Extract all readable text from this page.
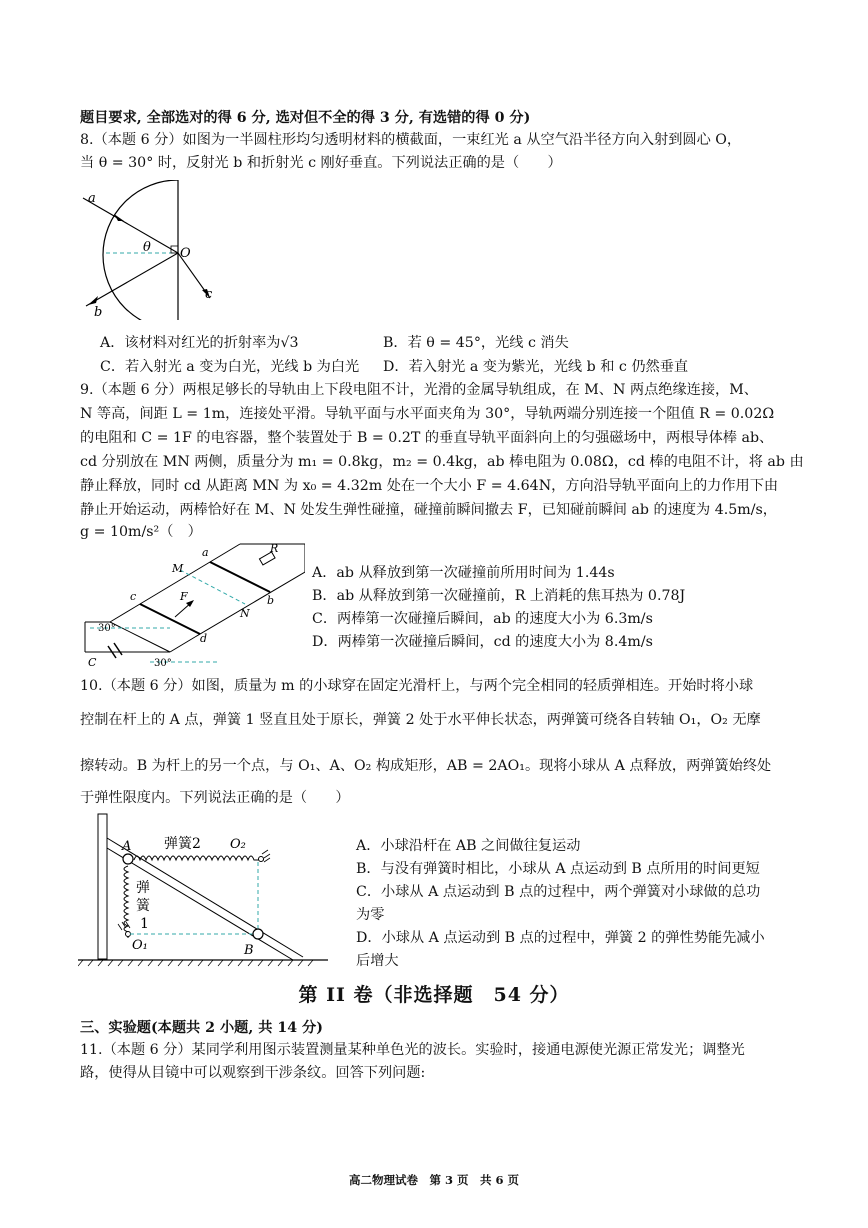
题目要求, 全部选对的得 6 分, 选对但不全的得 3 分, 有选错的得 0 分)
8.（本题 6 分）如图为一半圆柱形均匀透明材料的横截面，一束红光 a 从空气沿半径方向入射到圆心 O，
当 θ = 30° 时，反射光 b 和折射光 c 刚好垂直。下列说法正确的是（　　）
a
b
c
O
θ
A．该材料对红光的折射率为√3	B．若 θ = 45°，光线 c 消失
C．若入射光 a 变为白光，光线 b 为白光 D．若入射光 a 变为紫光，光线 b 和 c 仍然垂直
9.（本题 6 分）两根足够长的导轨由上下段电阻不计，光滑的金属导轨组成，在 M、N 两点绝缘连接，M、
N 等高，间距 L = 1m，连接处平滑。导轨平面与水平面夹角为 30°，导轨两端分别连接一个阻值 R = 0.02Ω
的电阻和 C = 1F 的电容器，整个装置处于 B = 0.2T 的垂直导轨平面斜向上的匀强磁场中，两根导体棒 ab、
cd 分别放在 MN 两侧，质量分为 m₁ = 0.8kg，m₂ = 0.4kg，ab 棒电阻为 0.08Ω，cd 棒的电阻不计，将 ab 由
静止释放，同时 cd 从距离 MN 为 x₀ = 4.32m 处在一个大小 F = 4.64N，方向沿导轨平面向上的力作用下由
静止开始运动，两棒恰好在 M、N 处发生弹性碰撞，碰撞前瞬间撤去 F，已知碰前瞬间 ab 的速度为 4.5m/s，
g = 10m/s²（　）
a
b
c
d
M
N
R
F
C
30°
30°
A．ab 从释放到第一次碰撞前所用时间为 1.44s
B．ab 从释放到第一次碰撞前，R 上消耗的焦耳热为 0.78J
C．两棒第一次碰撞后瞬间，ab 的速度大小为 6.3m/s
D．两棒第一次碰撞后瞬间，cd 的速度大小为 8.4m/s
10.（本题 6 分）如图，质量为 m 的小球穿在固定光滑杆上，与两个完全相同的轻质弹相连。开始时将小球
控制在杆上的 A 点，弹簧 1 竖直且处于原长，弹簧 2 处于水平伸长状态，两弹簧可绕各自转轴 O₁，O₂ 无摩
擦转动。B 为杆上的另一个点，与 O₁、A、O₂ 构成矩形，AB = 2AO₁。现将小球从 A 点释放，两弹簧始终处
于弹性限度内。下列说法正确的是（　　）
A
B
O₁
O₂
弹簧2
弹
簧
1
A．小球沿杆在 AB 之间做往复运动
B．与没有弹簧时相比，小球从 A 点运动到 B 点所用的时间更短
C．小球从 A 点运动到 B 点的过程中，两个弹簧对小球做的总功
为零
D．小球从 A 点运动到 B 点的过程中，弹簧 2 的弹性势能先减小
后增大
第 II 卷（非选择题　54 分）
三、实验题(本题共 2 小题, 共 14 分)
11.（本题 6 分）某同学利用图示装置测量某种单色光的波长。实验时，接通电源使光源正常发光；调整光
路，使得从目镜中可以观察到干涉条纹。回答下列问题:
高二物理试卷　第 3 页　共 6 页
